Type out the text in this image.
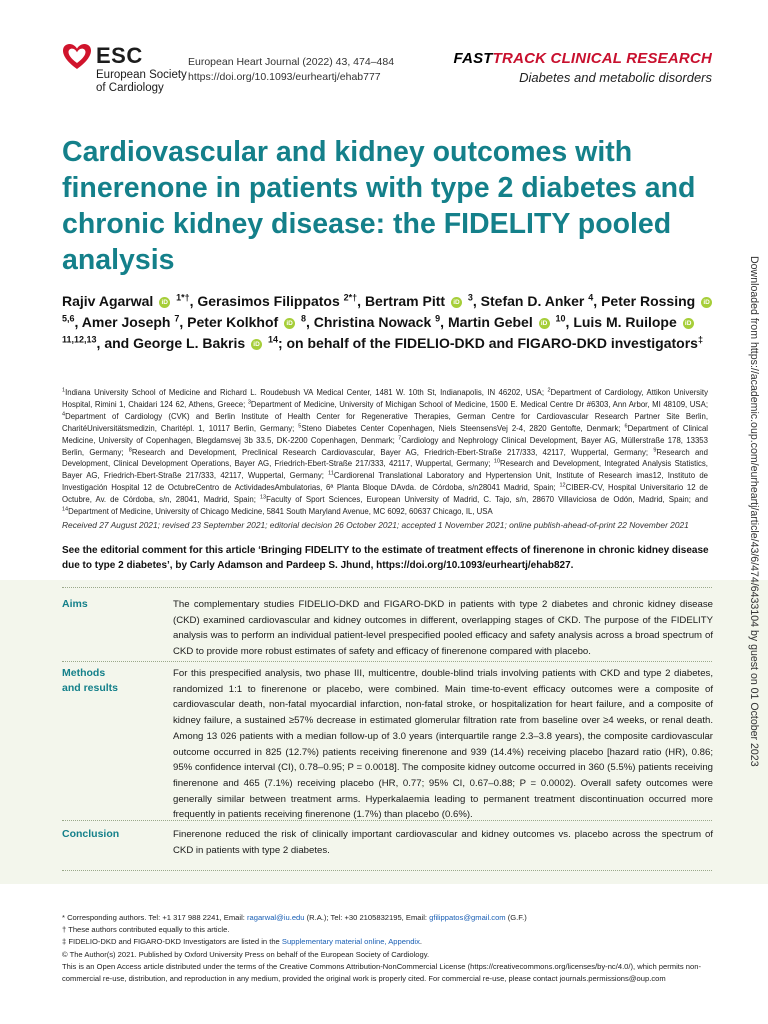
ESC
European Society
of Cardiology
European Heart Journal (2022) 43, 474–484
https://doi.org/10.1093/eurheartj/ehab777
FASTTRACK CLINICAL RESEARCH
Diabetes and metabolic disorders
Cardiovascular and kidney outcomes with finerenone in patients with type 2 diabetes and chronic kidney disease: the FIDELITY pooled analysis
Rajiv Agarwal iD $^{1*\dagger}$, Gerasimos Filippatos $^{2*\dagger}$, Bertram Pitt iD $^3$, Stefan D. Anker $^4$, Peter Rossing iD $^{5,6}$, Amer Joseph $^7$, Peter Kolkhof iD $^8$, Christina Nowack $^9$, Martin Gebel iD $^{10}$, Luis M. Ruilope iD $^{11,12,13}$, and George L. Bakris iD $^{14}$; on behalf of the FIDELIO-DKD and FIGARO-DKD investigators‡
$^1$Indiana University School of Medicine and Richard L. Roudebush VA Medical Center, 1481 W. 10th St, Indianapolis, IN 46202, USA; $^2$Department of Cardiology, Attikon University Hospital, Rimini 1, Chaidari 124 62, Athens, Greece; $^3$Department of Medicine, University of Michigan School of Medicine, 1500 E. Medical Centre Dr #6303, Ann Arbor, MI 48109, USA; $^4$Department of Cardiology (CVK) and Berlin Institute of Health Center for Regenerative Therapies, German Centre for Cardiovascular Research Partner Site Berlin, CharitéUniversitätsmedizin, Charitépl. 1, 10117 Berlin, Germany; $^5$Steno Diabetes Center Copenhagen, Niels SteensensVej 2-4, 2820 Gentofte, Denmark; $^6$Department of Clinical Medicine, University of Copenhagen, Blegdamsvej 3b 33.5, DK-2200 Copenhagen, Denmark; $^7$Cardiology and Nephrology Clinical Development, Bayer AG, Müllerstraße 178, 13353 Berlin, Germany; $^8$Research and Development, Preclinical Research Cardiovascular, Bayer AG, Friedrich-Ebert-Straße 217/333, 42117, Wuppertal, Germany; $^9$Research and Development, Clinical Development Operations, Bayer AG, Friedrich-Ebert-Straße 217/333, 42117, Wuppertal, Germany; $^{10}$Research and Development, Integrated Analysis Statistics, Bayer AG, Friedrich-Ebert-Straße 217/333, 42117, Wuppertal, Germany; $^{11}$Cardiorenal Translational Laboratory and Hypertension Unit, Institute of Research imas12, Instituto de Investigación Hospital 12 de OctubreCentro de ActividadesAmbulatorias, 6ª Planta Bloque DAvda. de Córdoba, s/n28041 Madrid, Spain; $^{12}$CIBER-CV, Hospital Universitario 12 de Octubre, Av. de Córdoba, s/n, 28041, Madrid, Spain; $^{13}$Faculty of Sport Sciences, European University of Madrid, C. Tajo, s/n, 28670 Villaviciosa de Odón, Madrid, Spain; and $^{14}$Department of Medicine, University of Chicago Medicine, 5841 South Maryland Avenue, MC 6092, 60637 Chicago, IL, USA
Received 27 August 2021; revised 23 September 2021; editorial decision 26 October 2021; accepted 1 November 2021; online publish-ahead-of-print 22 November 2021
See the editorial comment for this article ‘Bringing FIDELITY to the estimate of treatment effects of finerenone in chronic kidney disease due to type 2 diabetes’, by Carly Adamson and Pardeep S. Jhund, https://doi.org/10.1093/eurheartj/ehab827.
Aims	The complementary studies FIDELIO-DKD and FIGARO-DKD in patients with type 2 diabetes and chronic kidney disease (CKD) examined cardiovascular and kidney outcomes in different, overlapping stages of CKD. The purpose of the FIDELITY analysis was to perform an individual patient-level prespecified pooled efficacy and safety analysis across a broad spectrum of CKD to provide more robust estimates of safety and efficacy of finerenone compared with placebo.
Methods
and results
For this prespecified analysis, two phase III, multicentre, double-blind trials involving patients with CKD and type 2 diabetes, randomized 1:1 to finerenone or placebo, were combined. Main time-to-event efficacy outcomes were a composite of cardiovascular death, non-fatal myocardial infarction, non-fatal stroke, or hospitalization for heart failure, and a composite of kidney failure, a sustained ≥57% decrease in estimated glomerular filtration rate from baseline over ≥4 weeks, or renal death. Among 13 026 patients with a median follow-up of 3.0 years (interquartile range 2.3–3.8 years), the composite cardiovascular outcome occurred in 825 (12.7%) patients receiving finerenone and 939 (14.4%) receiving placebo [hazard ratio (HR), 0.86; 95% confidence interval (CI), 0.78–0.95; P = 0.0018]. The composite kidney outcome occurred in 360 (5.5%) patients receiving finerenone and 465 (7.1%) receiving placebo (HR, 0.77; 95% CI, 0.67–0.88; P = 0.0002). Overall safety outcomes were generally similar between treatment arms. Hyperkalaemia leading to permanent treatment discontinuation occurred more frequently in patients receiving finerenone (1.7%) than placebo (0.6%).
Conclusion	Finerenone reduced the risk of clinically important cardiovascular and kidney outcomes vs. placebo across the spectrum of CKD in patients with type 2 diabetes.
* Corresponding authors. Tel: +1 317 988 2241, Email: ragarwal@iu.edu (R.A.); Tel: +30 2105832195, Email: gfilippatos@gmail.com (G.F.)
† These authors contributed equally to this article.
‡ FIDELIO-DKD and FIGARO-DKD Investigators are listed in the Supplementary material online, Appendix.
© The Author(s) 2021. Published by Oxford University Press on behalf of the European Society of Cardiology.
This is an Open Access article distributed under the terms of the Creative Commons Attribution-NonCommercial License (https://creativecommons.org/licenses/by-nc/4.0/), which permits non-commercial re-use, distribution, and reproduction in any medium, provided the original work is properly cited. For commercial re-use, please contact journals.permissions@oup.com
Downloaded from https://academic.oup.com/eurheartj/article/43/6/474/6433104 by guest on 01 October 2023
